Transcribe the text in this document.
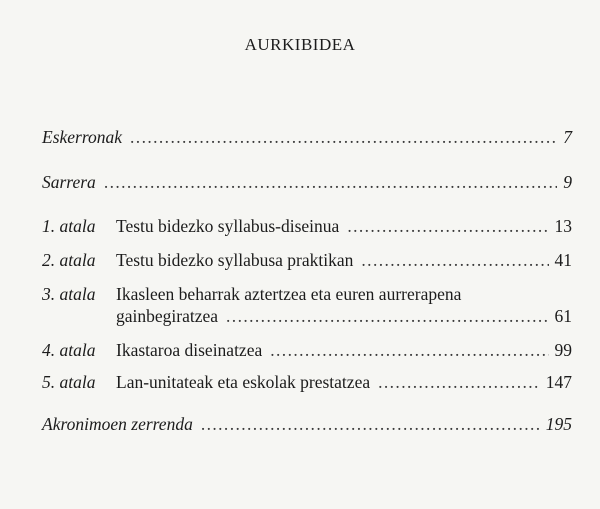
AURKIBIDEA
Eskerronak .....	7
Sarrera .....	9
1. atala	Testu bidezko syllabus-diseinua .....	13
2. atala	Testu bidezko syllabusa praktikan .....	41
3. atala	Ikasleen beharrak aztertzea eta euren aurrerapena
gainbegiratzea .....	61
4. atala	Ikastaroa diseinatzea .....	99
5. atala	Lan-unitateak eta eskolak prestatzea .....	147
Akronimoen zerrenda .....	195
